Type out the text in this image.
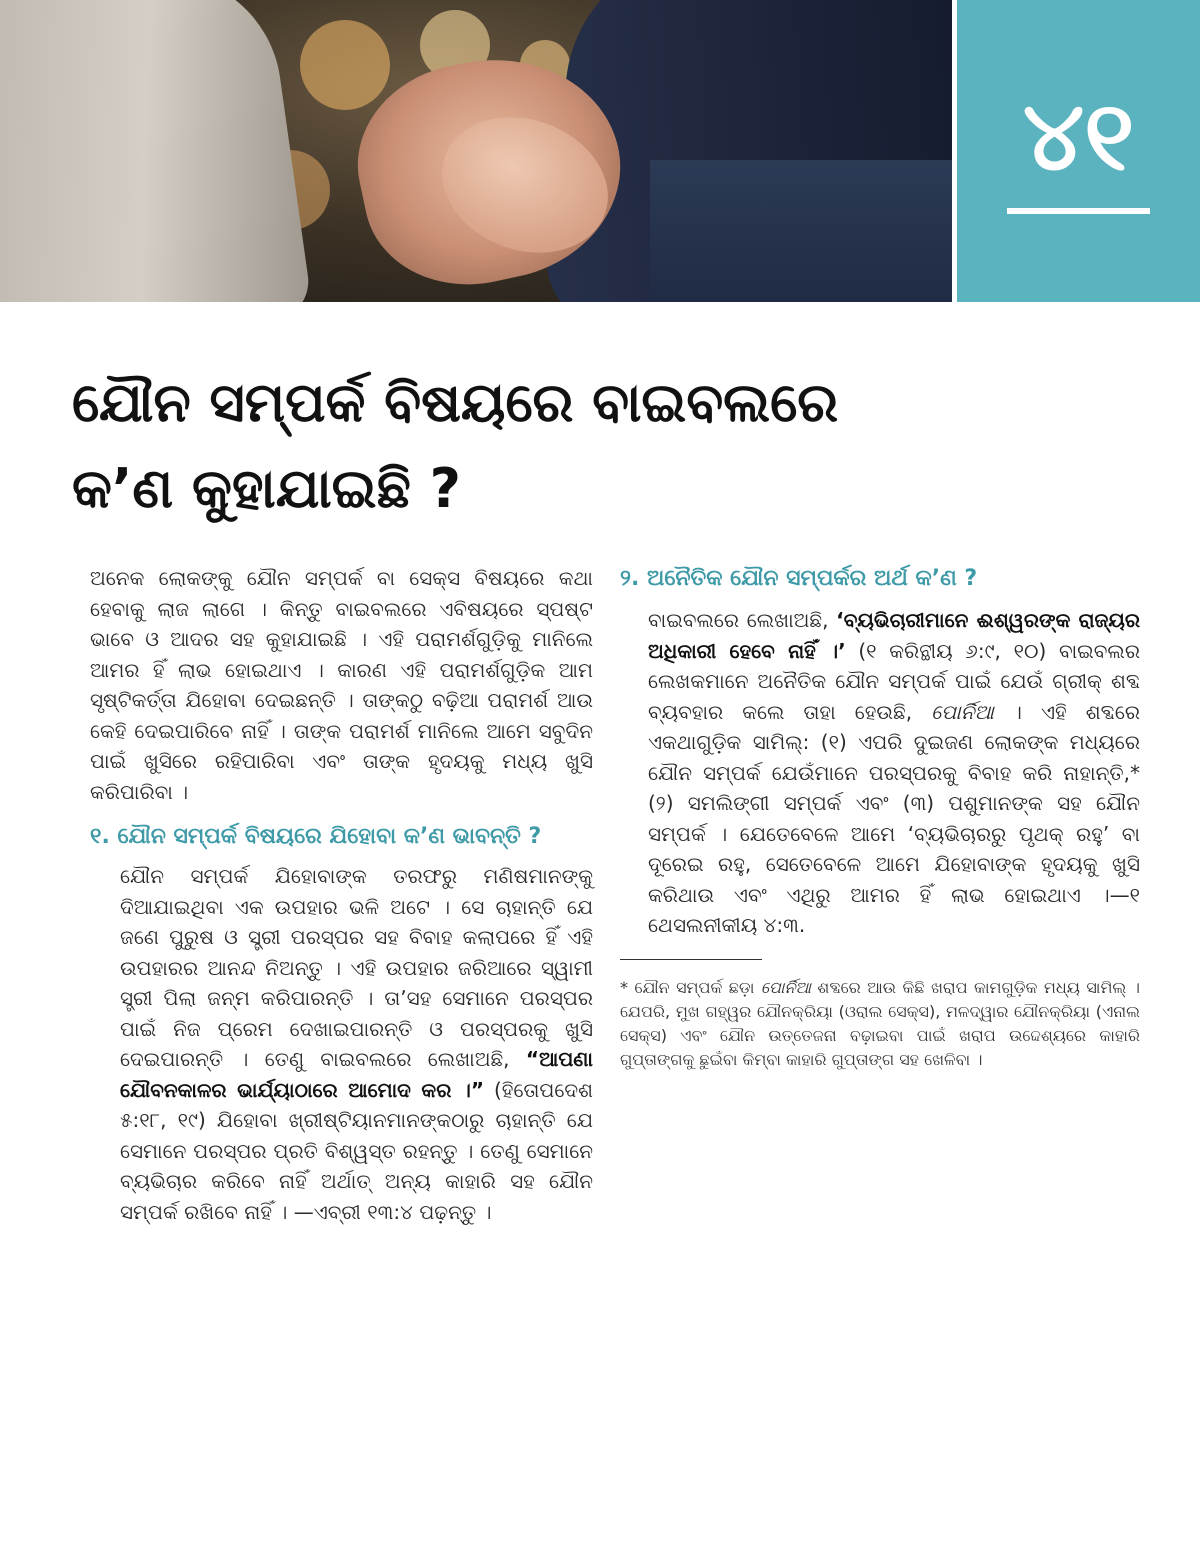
୪୧
ଯୌନ ସମ୍ପର୍କ ବିଷୟରେ ବାଇବଲରେ କʼଣ କୁହାଯାଇଛି ?

ଅନେକ ଲୋକଙ୍କୁ ଯୌନ ସମ୍ପର୍କ ବା ସେକ୍ସ ବିଷୟରେ କଥା ହେବାକୁ ଲାଜ ଲାଗେ । କିନ୍ତୁ ବାଇବଲରେ ଏବିଷୟରେ ସ୍ପଷ୍ଟ ଭାବେ ଓ ଆଦର ସହ କୁହାଯାଇଛି । ଏହି ପରାମର୍ଶଗୁଡ଼ିକୁ ମାନିଲେ ଆମର ହିଁ ଲାଭ ହୋଇଥାଏ । କାରଣ ଏହି ପରାମର୍ଶଗୁଡ଼ିକ ଆମ ସୃଷ୍ଟିକର୍ତ୍ତା ଯିହୋବା ଦେଇଛନ୍ତି । ତାଙ୍କଠୁ ବଢ଼ିଆ ପରାମର୍ଶ ଆଉ କେହି ଦେଇପାରିବେ ନାହିଁ । ତାଙ୍କ ପରାମର୍ଶ ମାନିଲେ ଆମେ ସବୁଦିନ ପାଇଁ ଖୁସିରେ ରହିପାରିବା ଏବଂ ତାଙ୍କ ହୃଦୟକୁ ମଧ୍ୟ ଖୁସି କରିପାରିବା ।

୧. ଯୌନ ସମ୍ପର୍କ ବିଷୟରେ ଯିହୋବା କʼଣ ଭାବନ୍ତି ?

ଯୌନ ସମ୍ପର୍କ ଯିହୋବାଙ୍କ ତରଫରୁ ମଣିଷମାନଙ୍କୁ ଦିଆଯାଇଥିବା ଏକ ଉପହାର ଭଳି ଅଟେ । ସେ ଚାହାନ୍ତି ଯେ ଜଣେ ପୁରୁଷ ଓ ସ୍ତ୍ରୀ ପରସ୍ପର ସହ ବିବାହ କଲାପରେ ହିଁ ଏହି ଉପହାରର ଆନନ୍ଦ ନିଅନ୍ତୁ । ଏହି ଉପହାର ଜରିଆରେ ସ୍ୱାମୀ ସ୍ତ୍ରୀ ପିଲା ଜନ୍ମ କରିପାରନ୍ତି । ତାʼସହ ସେମାନେ ପରସ୍ପର ପାଇଁ ନିଜ ପ୍ରେମ ଦେଖାଇପାରନ୍ତି ଓ ପରସ୍ପରକୁ ଖୁସି ଦେଇପାରନ୍ତି । ତେଣୁ ବାଇବଲରେ ଲେଖାଅଛି, “ଆପଣା ଯୌବନକାଳର ଭାର୍ଯ୍ୟାଠାରେ ଆମୋଦ କର ।” (ହିତୋପଦେଶ ୫:୧୮, ୧୯) ଯିହୋବା ଖ୍ରୀଷ୍ଟିୟାନମାନଙ୍କଠାରୁ ଚାହାନ୍ତି ଯେ ସେମାନେ ପରସ୍ପର ପ୍ରତି ବିଶ୍ୱସ୍ତ ରହନ୍ତୁ । ତେଣୁ ସେମାନେ ବ୍ୟଭିଚାର କରିବେ ନାହିଁ ଅର୍ଥାତ୍‌ ଅନ୍ୟ କାହାରି ସହ ଯୌନ ସମ୍ପର୍କ ରଖିବେ ନାହିଁ । —ଏବ୍ରୀ ୧୩:୪ ପଢ଼ନ୍ତୁ ।

୨. ଅନୈତିକ ଯୌନ ସମ୍ପର୍କର ଅର୍ଥ କʼଣ ?

ବାଇବଲରେ ଲେଖାଅଛି, ‘ବ୍ୟଭିଚାରୀମାନେ ଈଶ୍ୱରଙ୍କ ରାଜ୍ୟର ଅଧିକାରୀ ହେବେ ନାହିଁ ।’ (୧ କରିନ୍ଥୀୟ ୬:୯, ୧୦) ବାଇବଲର ଲେଖକମାନେ ଅନୈତିକ ଯୌନ ସମ୍ପର୍କ ପାଇଁ ଯେଉଁ ଗ୍ରୀକ୍‌ ଶବ୍ଦ ବ୍ୟବହାର କଲେ ତାହା ହେଉଛି, ପୋର୍ନିଆ । ଏହି ଶବ୍ଦରେ ଏକଥାଗୁଡ଼ିକ ସାମିଲ୍‌: (୧) ଏପରି ଦୁଇଜଣ ଲୋକଙ୍କ ମଧ୍ୟରେ ଯୌନ ସମ୍ପର୍କ ଯେଉଁମାନେ ପରସ୍ପରକୁ ବିବାହ କରି ନାହାନ୍ତି,* (୨) ସମଲିଙ୍ଗୀ ସମ୍ପର୍କ ଏବଂ (୩) ପଶୁମାନଙ୍କ ସହ ଯୌନ ସମ୍ପର୍କ । ଯେତେବେଳେ ଆମେ ‘ବ୍ୟଭିଚାରରୁ ପୃଥକ୍‌ ରହୁ’ ବା ଦୂରେଇ ରହୁ, ସେତେବେଳେ ଆମେ ଯିହୋବାଙ୍କ ହୃଦୟକୁ ଖୁସି କରିଥାଉ ଏବଂ ଏଥିରୁ ଆମର ହିଁ ଲାଭ ହୋଇଥାଏ ।—୧ ଥେସଲନୀକୀୟ ୪:୩.

* ଯୌନ ସମ୍ପର୍କ ଛଡ଼ା ପୋର୍ନିଆ ଶବ୍ଦରେ ଆଉ କିଛି ଖରାପ କାମଗୁଡ଼ିକ ମଧ୍ୟ ସାମିଲ୍‌ । ଯେପରି, ମୁଖ ଗହ୍ୱର ଯୌନକ୍ରିୟା (ଓରାଲ ସେକ୍ସ), ମଳଦ୍ୱାର ଯୌନକ୍ରିୟା (ଏନାଲ ସେକ୍ସ) ଏବଂ ଯୌନ ଉତ୍ତେଜନା ବଢ଼ାଇବା ପାଇଁ ଖରାପ ଉଦ୍ଦେଶ୍ୟରେ କାହାରି ଗୁପ୍ତାଙ୍ଗକୁ ଛୁଇଁବା କିମ୍ବା କାହାରି ଗୁପ୍ତାଙ୍ଗ ସହ ଖେଳିବା ।
